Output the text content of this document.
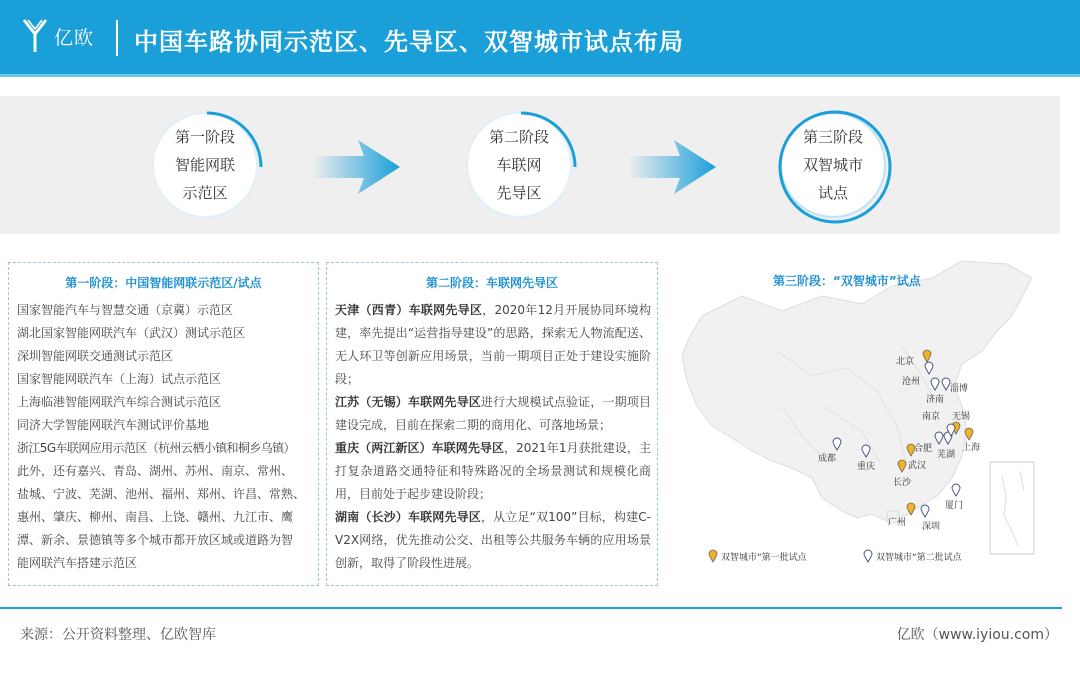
亿欧 中国车路协同示范区、先导区、双智城市试点布局
第一阶段
智能网联
示范区
第二阶段
车联网
先导区
第三阶段
双智城市
试点
第一阶段：中国智能网联示范区/试点
国家智能汽车与智慧交通（京冀）示范区
湖北国家智能网联汽车（武汉）测试示范区
深圳智能网联交通测试示范区
国家智能网联汽车（上海）试点示范区
上海临港智能网联汽车综合测试示范区
同济大学智能网联汽车测试评价基地
浙江5G车联网应用示范区（杭州云栖小镇和桐乡乌镇）
此外，还有嘉兴、青岛、湖州、苏州、南京、常州、
盐城、宁波、芜湖、池州、福州、郑州、许昌、常熟、
惠州、肇庆、柳州、南昌、上饶、赣州、九江市、鹰
潭、新余、景德镇等多个城市都开放区域或道路为智
能网联汽车搭建示范区
第二阶段：车联网先导区
天津（西青）车联网先导区，2020年12月开展协同环境构建，率先提出“运营指导建设”的思路，探索无人物流配送、无人环卫等创新应用场景，当前一期项目正处于建设实施阶段；
江苏（无锡）车联网先导区进行大规模试点验证，一期项目建设完成，目前在探索二期的商用化、可落地场景；
重庆（两江新区）车联网先导区，2021年1月获批建设，主打复杂道路交通特征和特殊路况的全场景测试和规模化商用，目前处于起步建设阶段；
湖南（长沙）车联网先导区，从立足“双100”目标，构建C-V2X网络，优先推动公交、出租等公共服务车辆的应用场景创新，取得了阶段性进展。
第三阶段：“双智城市”试点
北京
沧州
淄博
济南
南京 无锡
合肥	上海
芜湖
成都
重庆	武汉
长沙
厦门
广州 深圳
双智城市“第一批试点	双智城市“第二批试点
来源：公开资料整理、亿欧智库	亿欧（www.iyiou.com）
